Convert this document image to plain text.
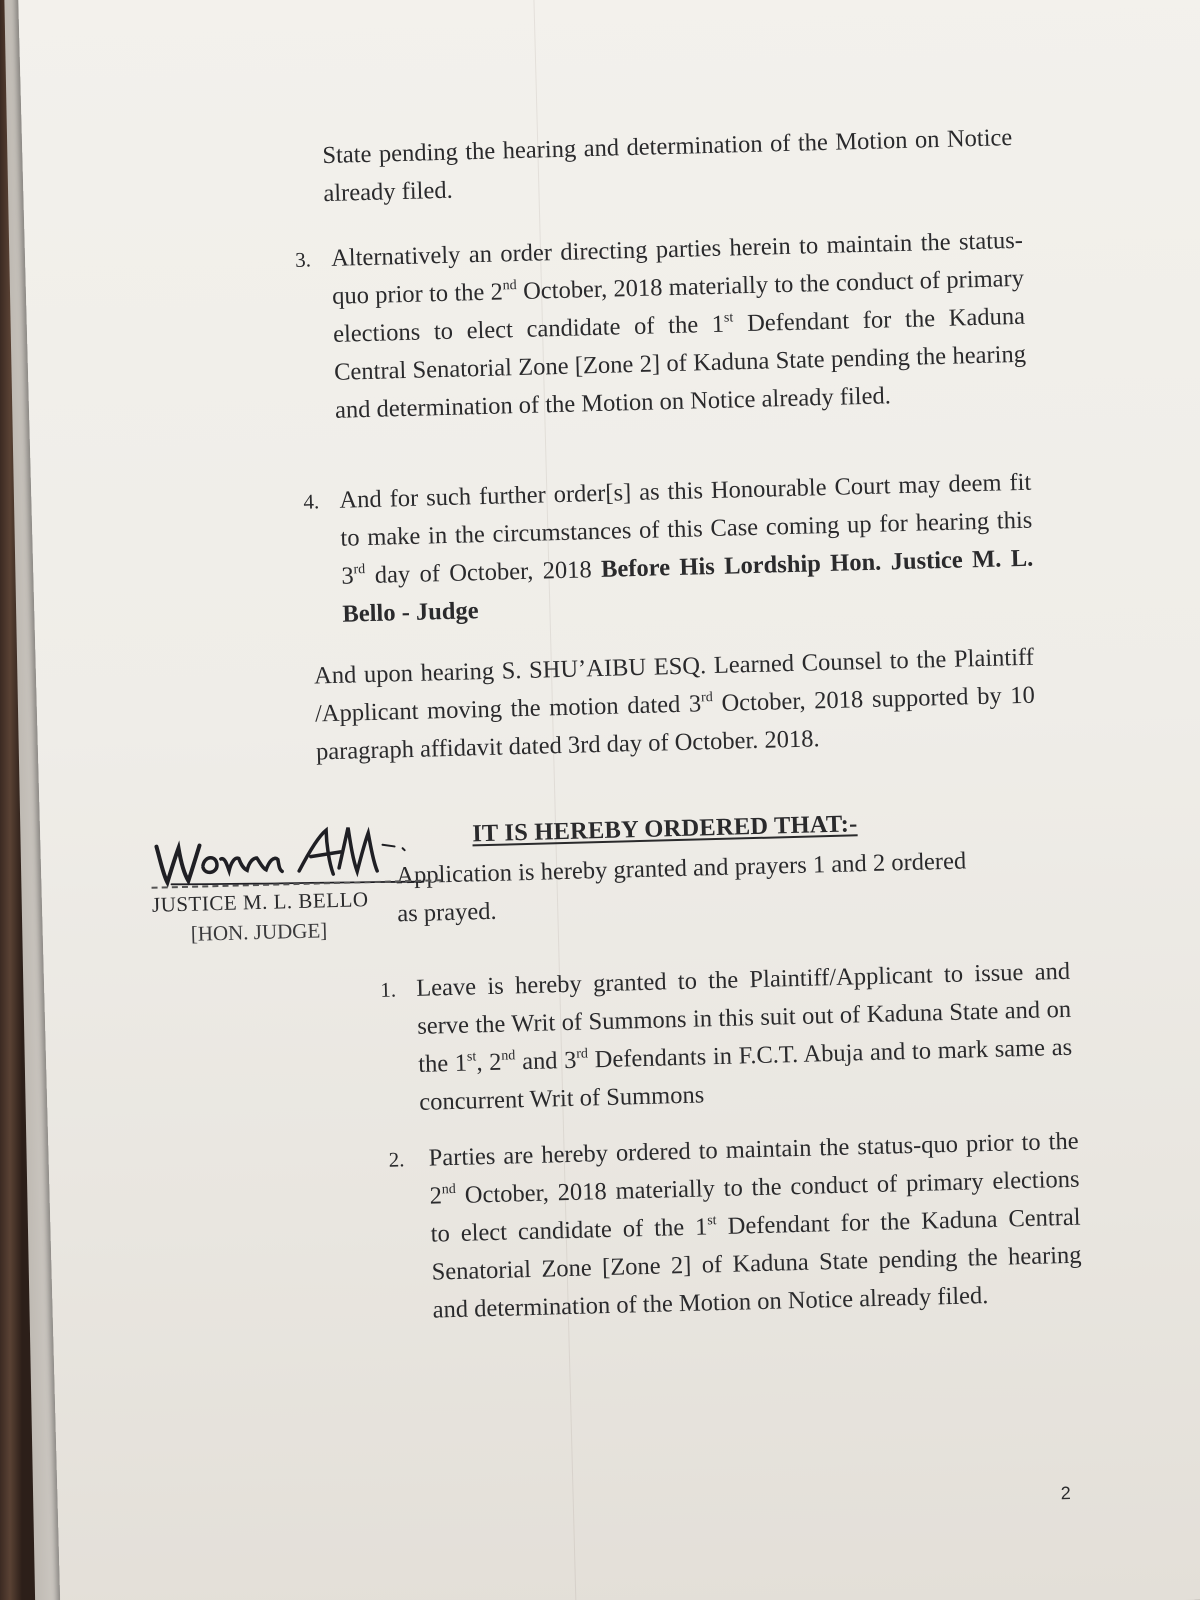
State pending the hearing and determination of the Motion on Notice already filed.

3. Alternatively an order directing parties herein to maintain the status-quo prior to the 2nd October, 2018 materially to the conduct of primary elections to elect candidate of the 1st Defendant for the Kaduna Central Senatorial Zone [Zone 2] of Kaduna State pending the hearing and determination of the Motion on Notice already filed.
4. And for such further order[s] as this Honourable Court may deem fit to make in the circumstances of this Case coming up for hearing this 3rd day of October, 2018 Before His Lordship Hon. Justice M. L. Bello - Judge

And upon hearing S. SHU’AIBU ESQ. Learned Counsel to the Plaintiff /Applicant moving the motion dated 3rd October, 2018 supported by 10 paragraph affidavit dated 3rd day of October. 2018.

IT IS HEREBY ORDERED THAT:-

Application is hereby granted and prayers 1 and 2 ordered as prayed.

JUSTICE M. L. BELLO
[HON. JUDGE]
1. Leave is hereby granted to the Plaintiff/Applicant to issue and serve the Writ of Summons in this suit out of Kaduna State and on the 1st, 2nd and 3rd Defendants in F.C.T. Abuja and to mark same as concurrent Writ of Summons
2. Parties are hereby ordered to maintain the status-quo prior to the 2nd October, 2018 materially to the conduct of primary elections to elect candidate of the 1st Defendant for the Kaduna Central Senatorial Zone [Zone 2] of Kaduna State pending the hearing and determination of the Motion on Notice already filed.
2
